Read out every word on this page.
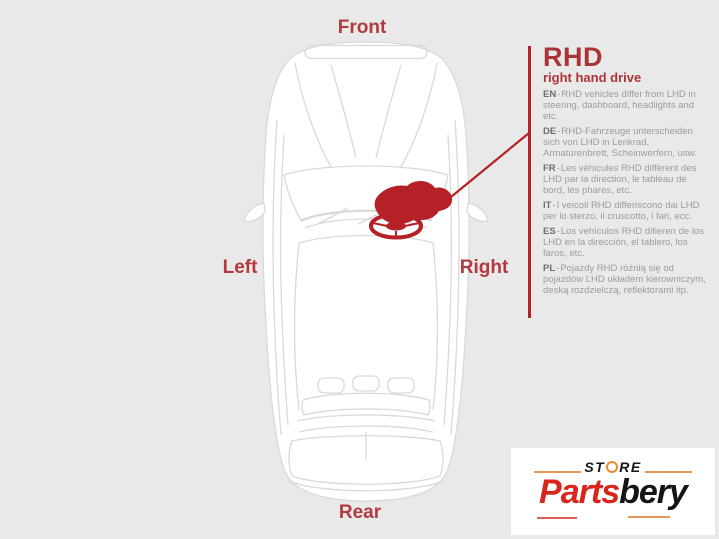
Front
Left	Right
Rear
RHD
right hand drive

EN-RHD vehicles differ from LHD in steering, dashboard, headlights and etc.

DE-RHD-Fahrzeuge unterscheiden sich von LHD in Lenkrad, Armaturenbrett, Scheinwerfern, usw.

FR-Les véhicules RHD diffèrent des LHD par la direction, le tableau de bord, les phares, etc.

IT-I veicoli RHD differiscono dai LHD per lo sterzo, il cruscotto, i fari, ecc.

ES-Los vehículos RHD difieren de los LHD en la dirección, el tablero, los faros, etc.

PL-Pojazdy RHD różnią się od pojazdów LHD układem kierowniczym, deską rozdzielczą, reflektorami itp.

ST RE
Partsbery
